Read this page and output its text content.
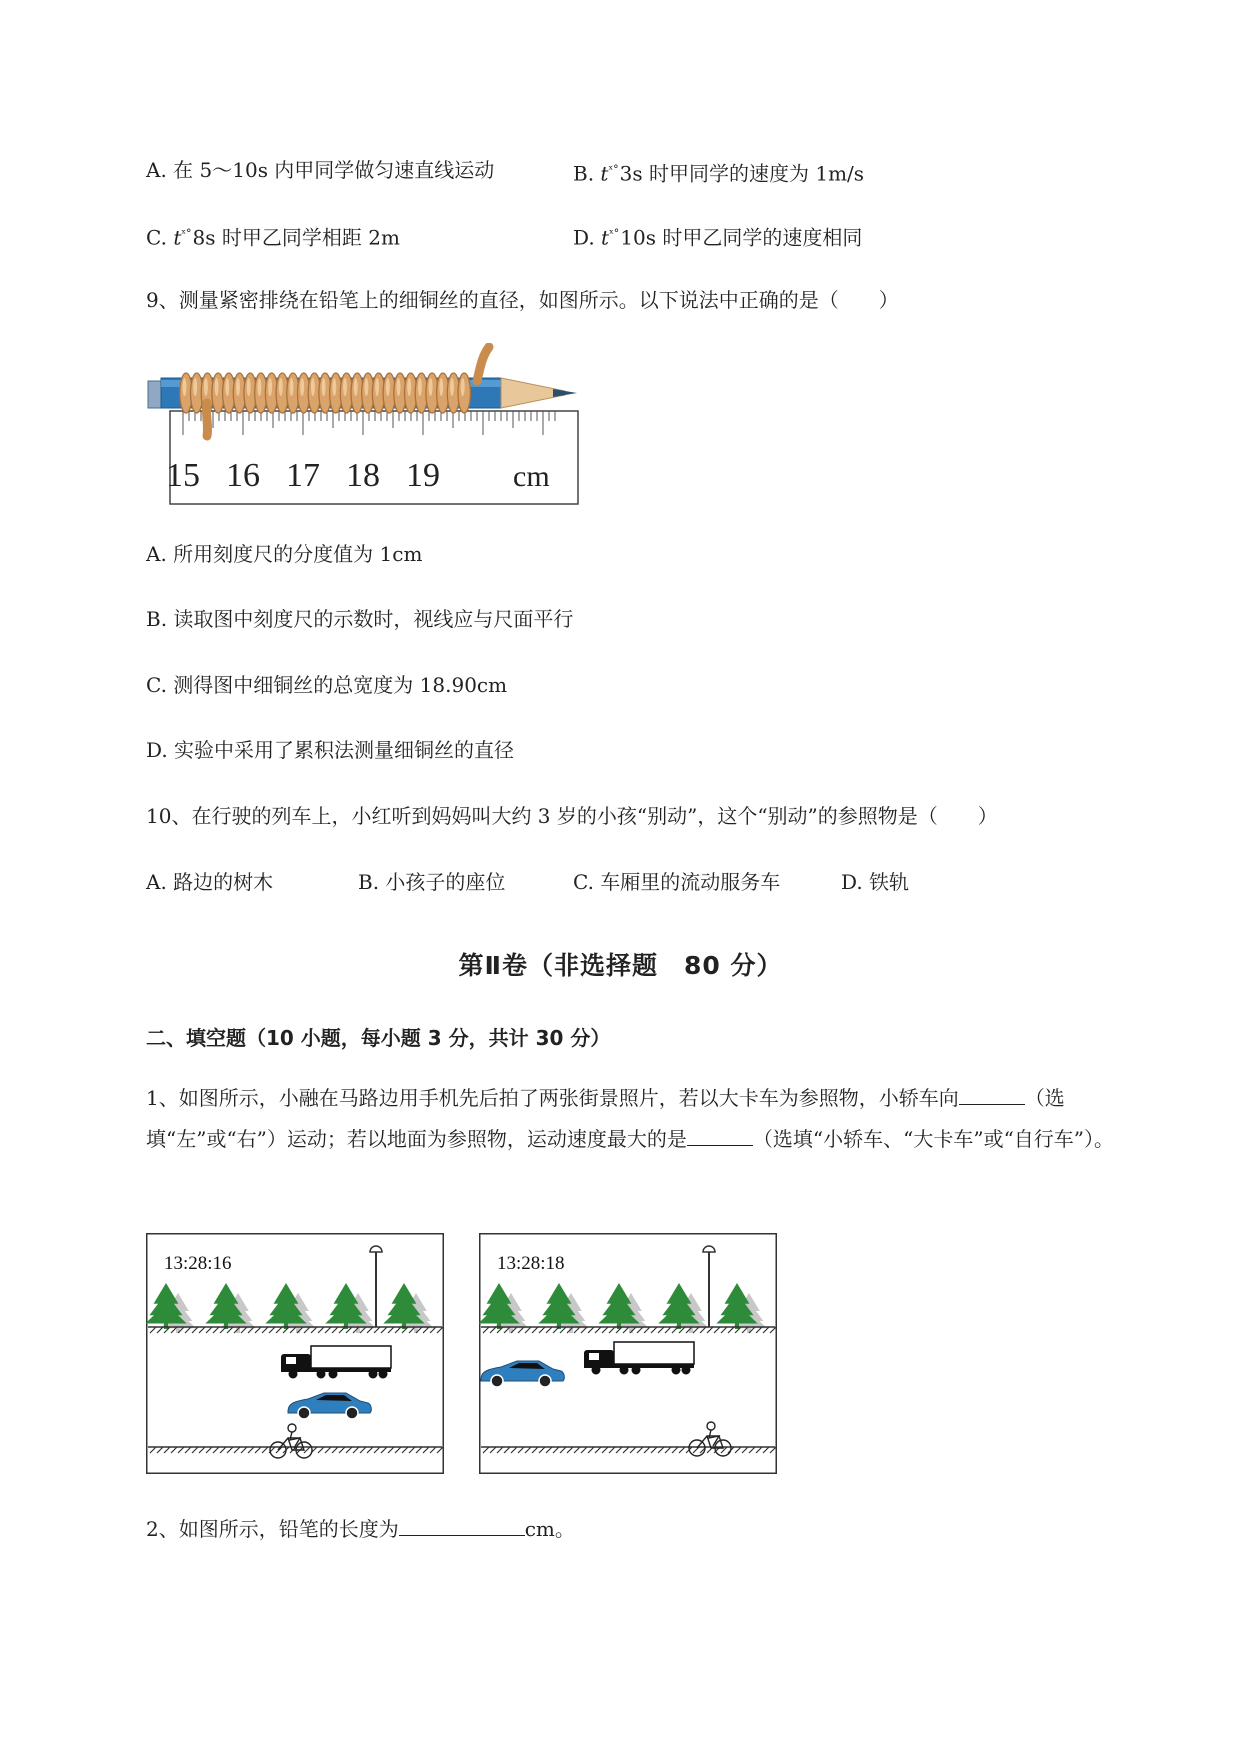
A. 在 5～10s 内甲同学做匀速直线运动	B. $t^{ˣ^\circ}3s$ 时甲同学的速度为 1m/s
C. $t^{ˣ^\circ}8s$ 时甲乙同学相距 2m	D. $t^{ˣ^\circ}10s$ 时甲乙同学的速度相同
9、测量紧密排绕在铅笔上的细铜丝的直径，如图所示。以下说法中正确的是（　　）
15 16 17 18 19 cm
A. 所用刻度尺的分度值为 1cm
B. 读取图中刻度尺的示数时，视线应与尺面平行
C. 测得图中细铜丝的总宽度为 18.90cm
D. 实验中采用了累积法测量细铜丝的直径
10、在行驶的列车上，小红听到妈妈叫大约 3 岁的小孩“别动”，这个“别动”的参照物是（　　）
A. 路边的树木	B. 小孩子的座位	C. 车厢里的流动服务车	D. 铁轨
第Ⅱ卷（非选择题　80 分）
二、填空题（10 小题，每小题 3 分，共计 30 分）
1、如图所示，小融在马路边用手机先后拍了两张街景照片，若以大卡车为参照物，小轿车向	（选填“左”或“右”）运动；若以地面为参照物，运动速度最大的是	（选填“小轿车、“大卡车”或“自行车”）。
13:28:16	13:28:18
2、如图所示，铅笔的长度为	cm。
